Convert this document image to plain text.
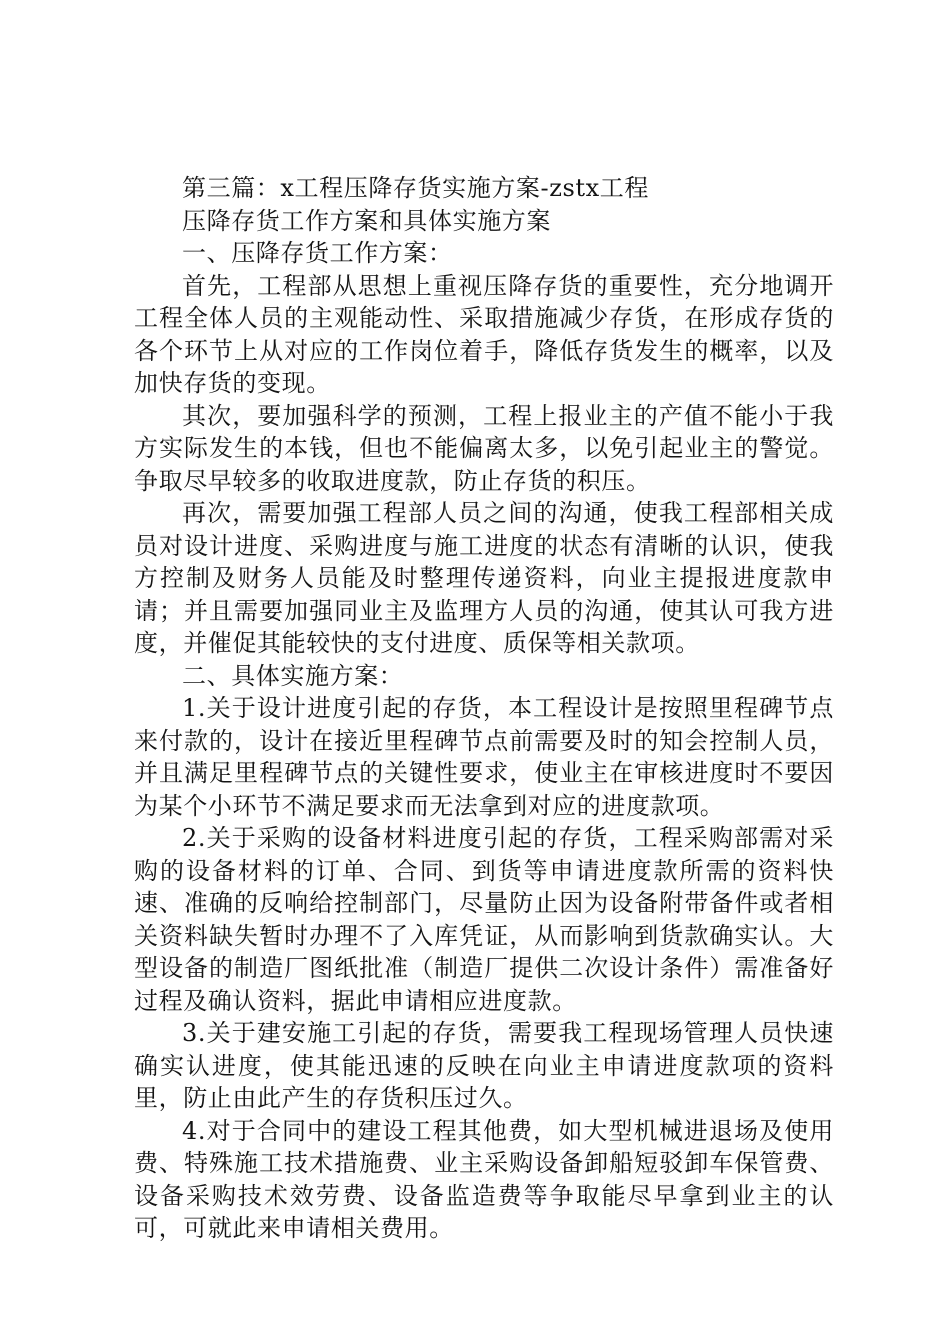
第三篇：x工程压降存货实施方案-zstx工程

压降存货工作方案和具体实施方案

一、压降存货工作方案：

首先，工程部从思想上重视压降存货的重要性，充分地调开工程全体人员的主观能动性、采取措施减少存货，在形成存货的各个环节上从对应的工作岗位着手，降低存货发生的概率，以及加快存货的变现。

其次，要加强科学的预测，工程上报业主的产值不能小于我方实际发生的本钱，但也不能偏离太多，以免引起业主的警觉。争取尽早较多的收取进度款，防止存货的积压。

再次，需要加强工程部人员之间的沟通，使我工程部相关成员对设计进度、采购进度与施工进度的状态有清晰的认识，使我方控制及财务人员能及时整理传递资料，向业主提报进度款申请；并且需要加强同业主及监理方人员的沟通，使其认可我方进度，并催促其能较快的支付进度、质保等相关款项。

二、具体实施方案：

1.关于设计进度引起的存货，本工程设计是按照里程碑节点来付款的，设计在接近里程碑节点前需要及时的知会控制人员，并且满足里程碑节点的关键性要求，使业主在审核进度时不要因为某个小环节不满足要求而无法拿到对应的进度款项。

2.关于采购的设备材料进度引起的存货，工程采购部需对采购的设备材料的订单、合同、到货等申请进度款所需的资料快速、准确的反响给控制部门，尽量防止因为设备附带备件或者相关资料缺失暂时办理不了入库凭证，从而影响到货款确实认。大型设备的制造厂图纸批准（制造厂提供二次设计条件）需准备好过程及确认资料，据此申请相应进度款。

3.关于建安施工引起的存货，需要我工程现场管理人员快速确实认进度，使其能迅速的反映在向业主申请进度款项的资料里，防止由此产生的存货积压过久。

4.对于合同中的建设工程其他费，如大型机械进退场及使用费、特殊施工技术措施费、业主采购设备卸船短驳卸车保管费、设备采购技术效劳费、设备监造费等争取能尽早拿到业主的认可，可就此来申请相关费用。
